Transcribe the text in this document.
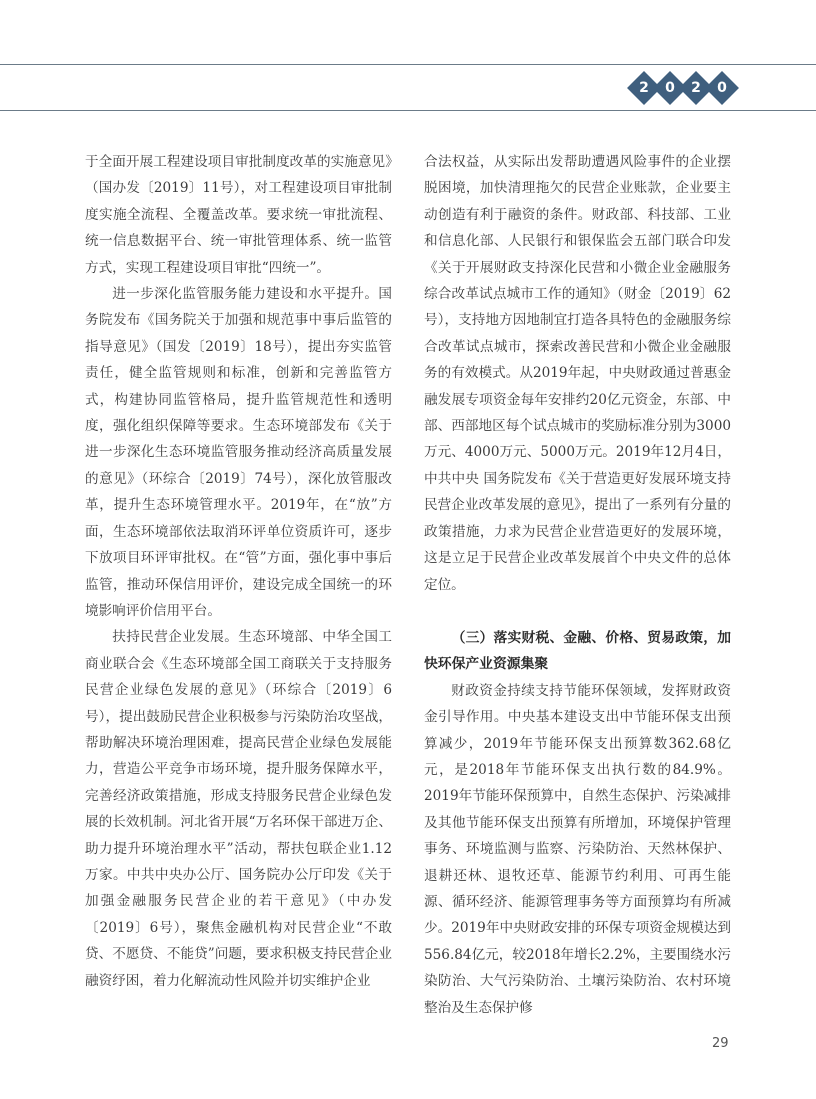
2	0	2	0

于全面开展工程建设项目审批制度改革的实施意见》（国办发〔2019〕11号），对工程建设项目审批制度实施全流程、全覆盖改革。要求统一审批流程、统一信息数据平台、统一审批管理体系、统一监管方式，实现工程建设项目审批“四统一”。

进一步深化监管服务能力建设和水平提升。国务院发布《国务院关于加强和规范事中事后监管的指导意见》（国发〔2019〕18号），提出夯实监管责任，健全监管规则和标准，创新和完善监管方式，构建协同监管格局，提升监管规范性和透明度，强化组织保障等要求。生态环境部发布《关于进一步深化生态环境监管服务推动经济高质量发展的意见》（环综合〔2019〕74号），深化放管服改革，提升生态环境管理水平。2019年，在“放”方面，生态环境部依法取消环评单位资质许可，逐步下放项目环评审批权。在“管”方面，强化事中事后监管，推动环保信用评价，建设完成全国统一的环境影响评价信用平台。

扶持民营企业发展。生态环境部、中华全国工商业联合会《生态环境部全国工商联关于支持服务民营企业绿色发展的意见》（环综合〔2019〕6号），提出鼓励民营企业积极参与污染防治攻坚战，帮助解决环境治理困难，提高民营企业绿色发展能力，营造公平竞争市场环境，提升服务保障水平，完善经济政策措施，形成支持服务民营企业绿色发展的长效机制。河北省开展“万名环保干部进万企、助力提升环境治理水平”活动，帮扶包联企业1.12万家。中共中央办公厅、国务院办公厅印发《关于加强金融服务民营企业的若干意见》（中办发〔2019〕6号），聚焦金融机构对民营企业“不敢贷、不愿贷、不能贷”问题，要求积极支持民营企业融资纾困，着力化解流动性风险并切实维护企业

合法权益，从实际出发帮助遭遇风险事件的企业摆脱困境，加快清理拖欠的民营企业账款，企业要主动创造有利于融资的条件。财政部、科技部、工业和信息化部、人民银行和银保监会五部门联合印发《关于开展财政支持深化民营和小微企业金融服务综合改革试点城市工作的通知》（财金〔2019〕62号），支持地方因地制宜打造各具特色的金融服务综合改革试点城市，探索改善民营和小微企业金融服务的有效模式。从2019年起，中央财政通过普惠金融发展专项资金每年安排约20亿元资金，东部、中部、西部地区每个试点城市的奖励标准分别为3000万元、4000万元、5000万元。2019年12月4日，中共中央 国务院发布《关于营造更好发展环境支持民营企业改革发展的意见》，提出了一系列有分量的政策措施，力求为民营企业营造更好的发展环境，这是立足于民营企业改革发展首个中央文件的总体定位。

（三）落实财税、金融、价格、贸易政策，加快环保产业资源集聚

财政资金持续支持节能环保领域，发挥财政资金引导作用。中央基本建设支出中节能环保支出预算减少，2019年节能环保支出预算数362.68亿元，是2018年节能环保支出执行数的84.9%。2019年节能环保预算中，自然生态保护、污染减排及其他节能环保支出预算有所增加，环境保护管理事务、环境监测与监察、污染防治、天然林保护、退耕还林、退牧还草、能源节约利用、可再生能源、循环经济、能源管理事务等方面预算均有所减少。2019年中央财政安排的环保专项资金规模达到556.84亿元，较2018年增长2.2%，主要围绕水污染防治、大气污染防治、土壤污染防治、农村环境整治及生态保护修

29
